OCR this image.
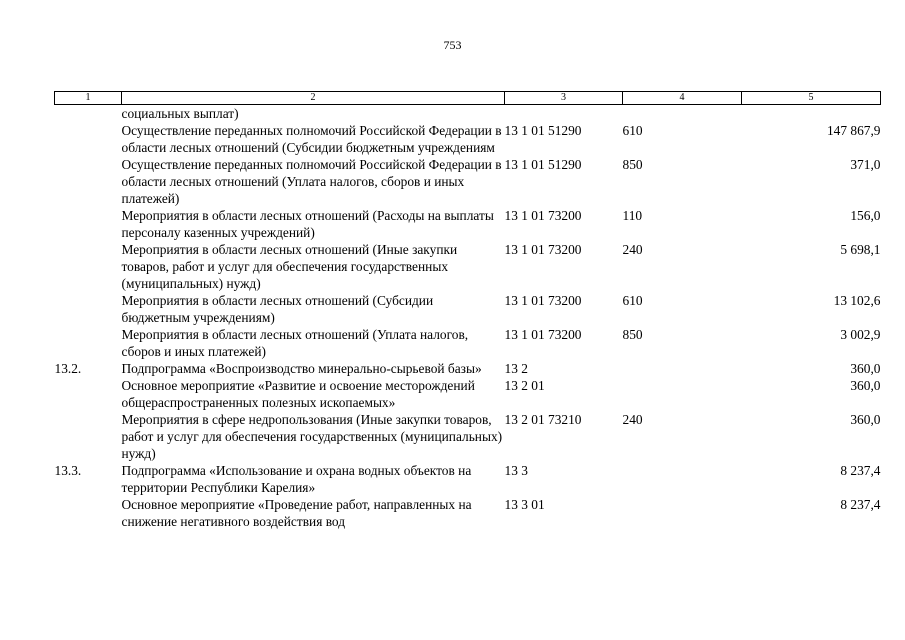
753
1	2	3	4	5
	социальных выплат)			
	Осуществление переданных полномочий Российской Федерации в области лесных отношений (Субсидии бюджетным учреждениям	13 1 01 51290	610	147 867,9
	Осуществление переданных полномочий Российской Федерации в области лесных отношений (Уплата налогов, сборов и иных платежей)	13 1 01 51290	850	371,0
	Мероприятия в области лесных отношений (Расходы на выплаты персоналу казенных учреждений)	13 1 01 73200	110	156,0
	Мероприятия в области лесных отношений (Иные закупки товаров, работ и услуг для обеспечения государственных (муниципальных) нужд)	13 1 01 73200	240	5 698,1
	Мероприятия в области лесных отношений (Субсидии бюджетным учреждениям)	13 1 01 73200	610	13 102,6
	Мероприятия в области лесных отношений (Уплата налогов, сборов и иных платежей)	13 1 01 73200	850	3 002,9
13.2.	Подпрограмма «Воспроизводство минерально-сырьевой базы»	13 2		360,0
	Основное мероприятие «Развитие и освоение месторождений общераспространенных полезных ископаемых»	13 2 01		360,0
	Мероприятия в сфере недропользования (Иные закупки товаров, работ и услуг для обеспечения государственных (муниципальных) нужд)	13 2 01 73210	240	360,0
13.3.	Подпрограмма «Использование и охрана водных объектов на территории Республики Карелия»	13 3		8 237,4
	Основное мероприятие «Проведение работ, направленных на снижение негативного воздействия вод	13 3 01		8 237,4
